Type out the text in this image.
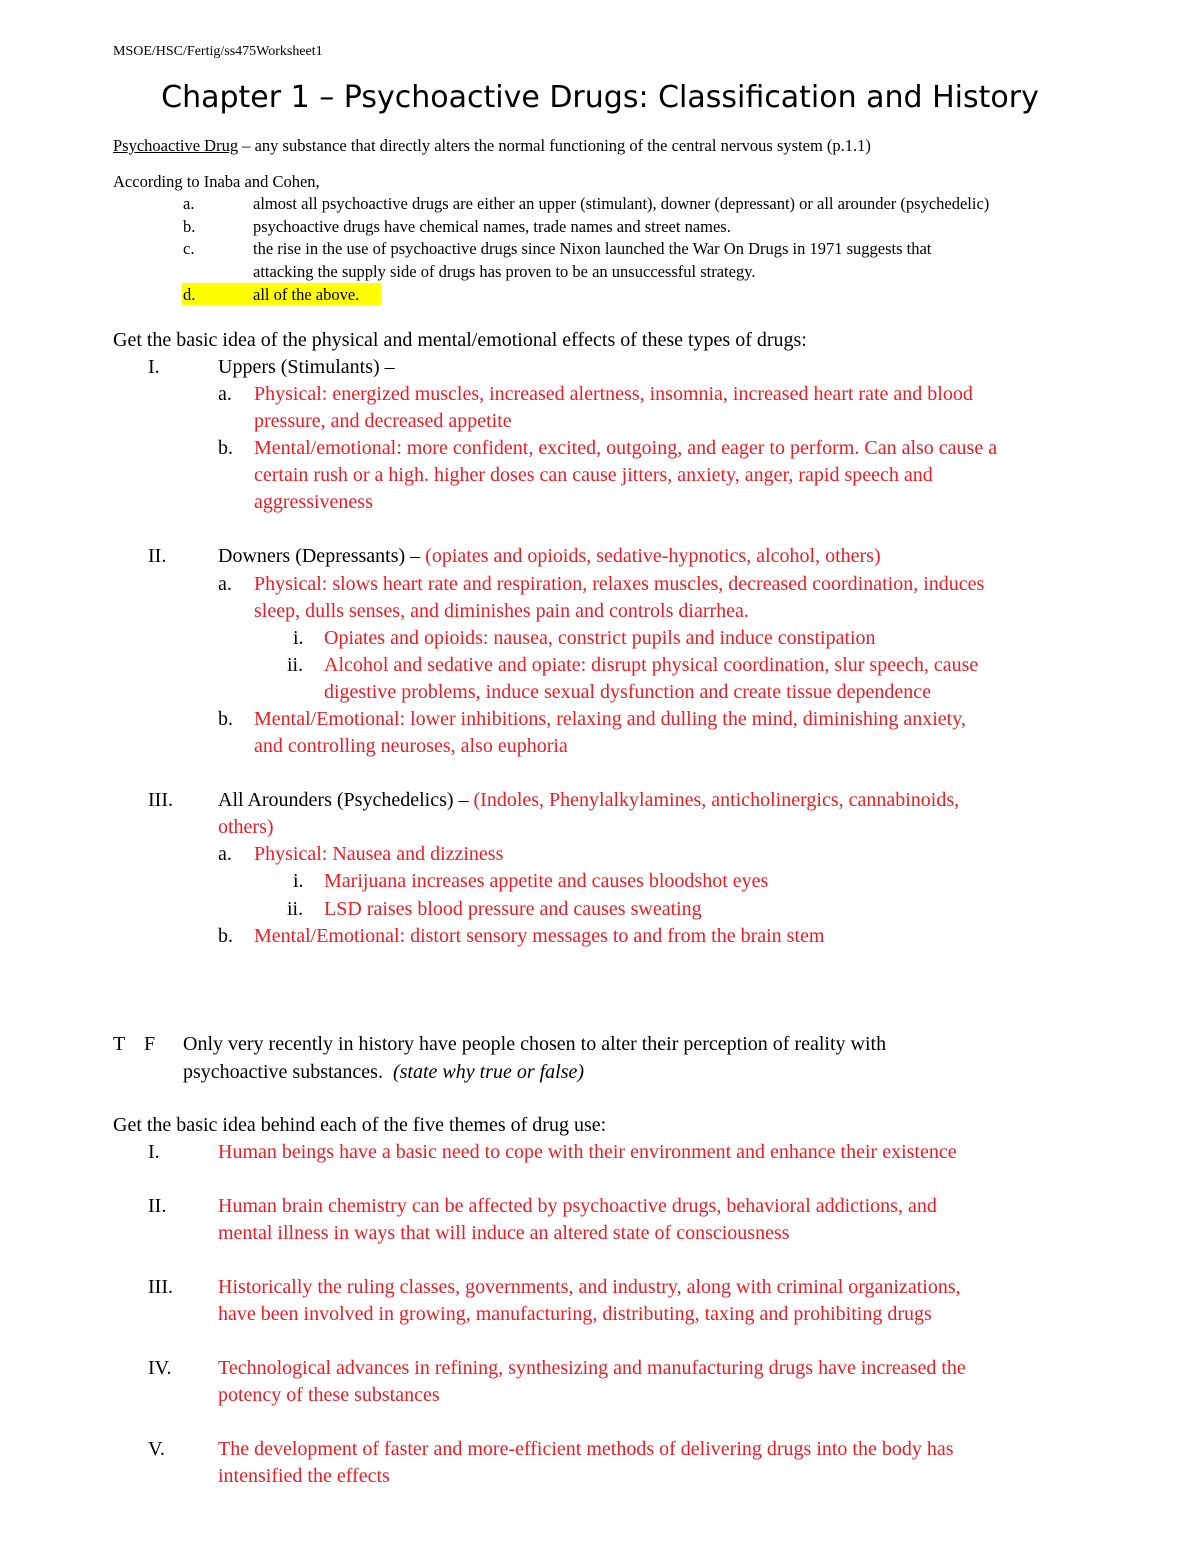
MSOE/HSC/Fertig/ss475Worksheet1
Chapter 1 – Psychoactive Drugs: Classification and History
Psychoactive Drug – any substance that directly alters the normal functioning of the central nervous system (p.1.1)
According to Inaba and Cohen,
a.	almost all psychoactive drugs are either an upper (stimulant), downer (depressant) or all arounder (psychedelic)
b.	psychoactive drugs have chemical names, trade names and street names.
c.	the rise in the use of psychoactive drugs since Nixon launched the War On Drugs in 1971 suggests that
attacking the supply side of drugs has proven to be an unsuccessful strategy.
d.	all of the above.
Get the basic idea of the physical and mental/emotional effects of these types of drugs:
I.	Uppers (Stimulants) –
a. Physical: energized muscles, increased alertness, insomnia, increased heart rate and blood
pressure, and decreased appetite
b. Mental/emotional: more confident, excited, outgoing, and eager to perform. Can also cause a
certain rush or a high. higher doses can cause jitters, anxiety, anger, rapid speech and
aggressiveness
II.	Downers (Depressants) – (opiates and opioids, sedative-hypnotics, alcohol, others)
a. Physical: slows heart rate and respiration, relaxes muscles, decreased coordination, induces
sleep, dulls senses, and diminishes pain and controls diarrhea.
i. Opiates and opioids: nausea, constrict pupils and induce constipation
ii. Alcohol and sedative and opiate: disrupt physical coordination, slur speech, cause
digestive problems, induce sexual dysfunction and create tissue dependence
b. Mental/Emotional: lower inhibitions, relaxing and dulling the mind, diminishing anxiety,
and controlling neuroses, also euphoria
III. All Arounders (Psychedelics) – (Indoles, Phenylalkylamines, anticholinergics, cannabinoids,
others)
a. Physical: Nausea and dizziness
i. Marijuana increases appetite and causes bloodshot eyes
ii. LSD raises blood pressure and causes sweating
b. Mental/Emotional: distort sensory messages to and from the brain stem
T F Only very recently in history have people chosen to alter their perception of reality with
psychoactive substances. (state why true or false)
Get the basic idea behind each of the five themes of drug use:
I.	Human beings have a basic need to cope with their environment and enhance their existence
II.	Human brain chemistry can be affected by psychoactive drugs, behavioral addictions, and
mental illness in ways that will induce an altered state of consciousness
III. Historically the ruling classes, governments, and industry, along with criminal organizations,
have been involved in growing, manufacturing, distributing, taxing and prohibiting drugs
IV. Technological advances in refining, synthesizing and manufacturing drugs have increased the
potency of these substances
V.	The development of faster and more-efficient methods of delivering drugs into the body has
intensified the effects
